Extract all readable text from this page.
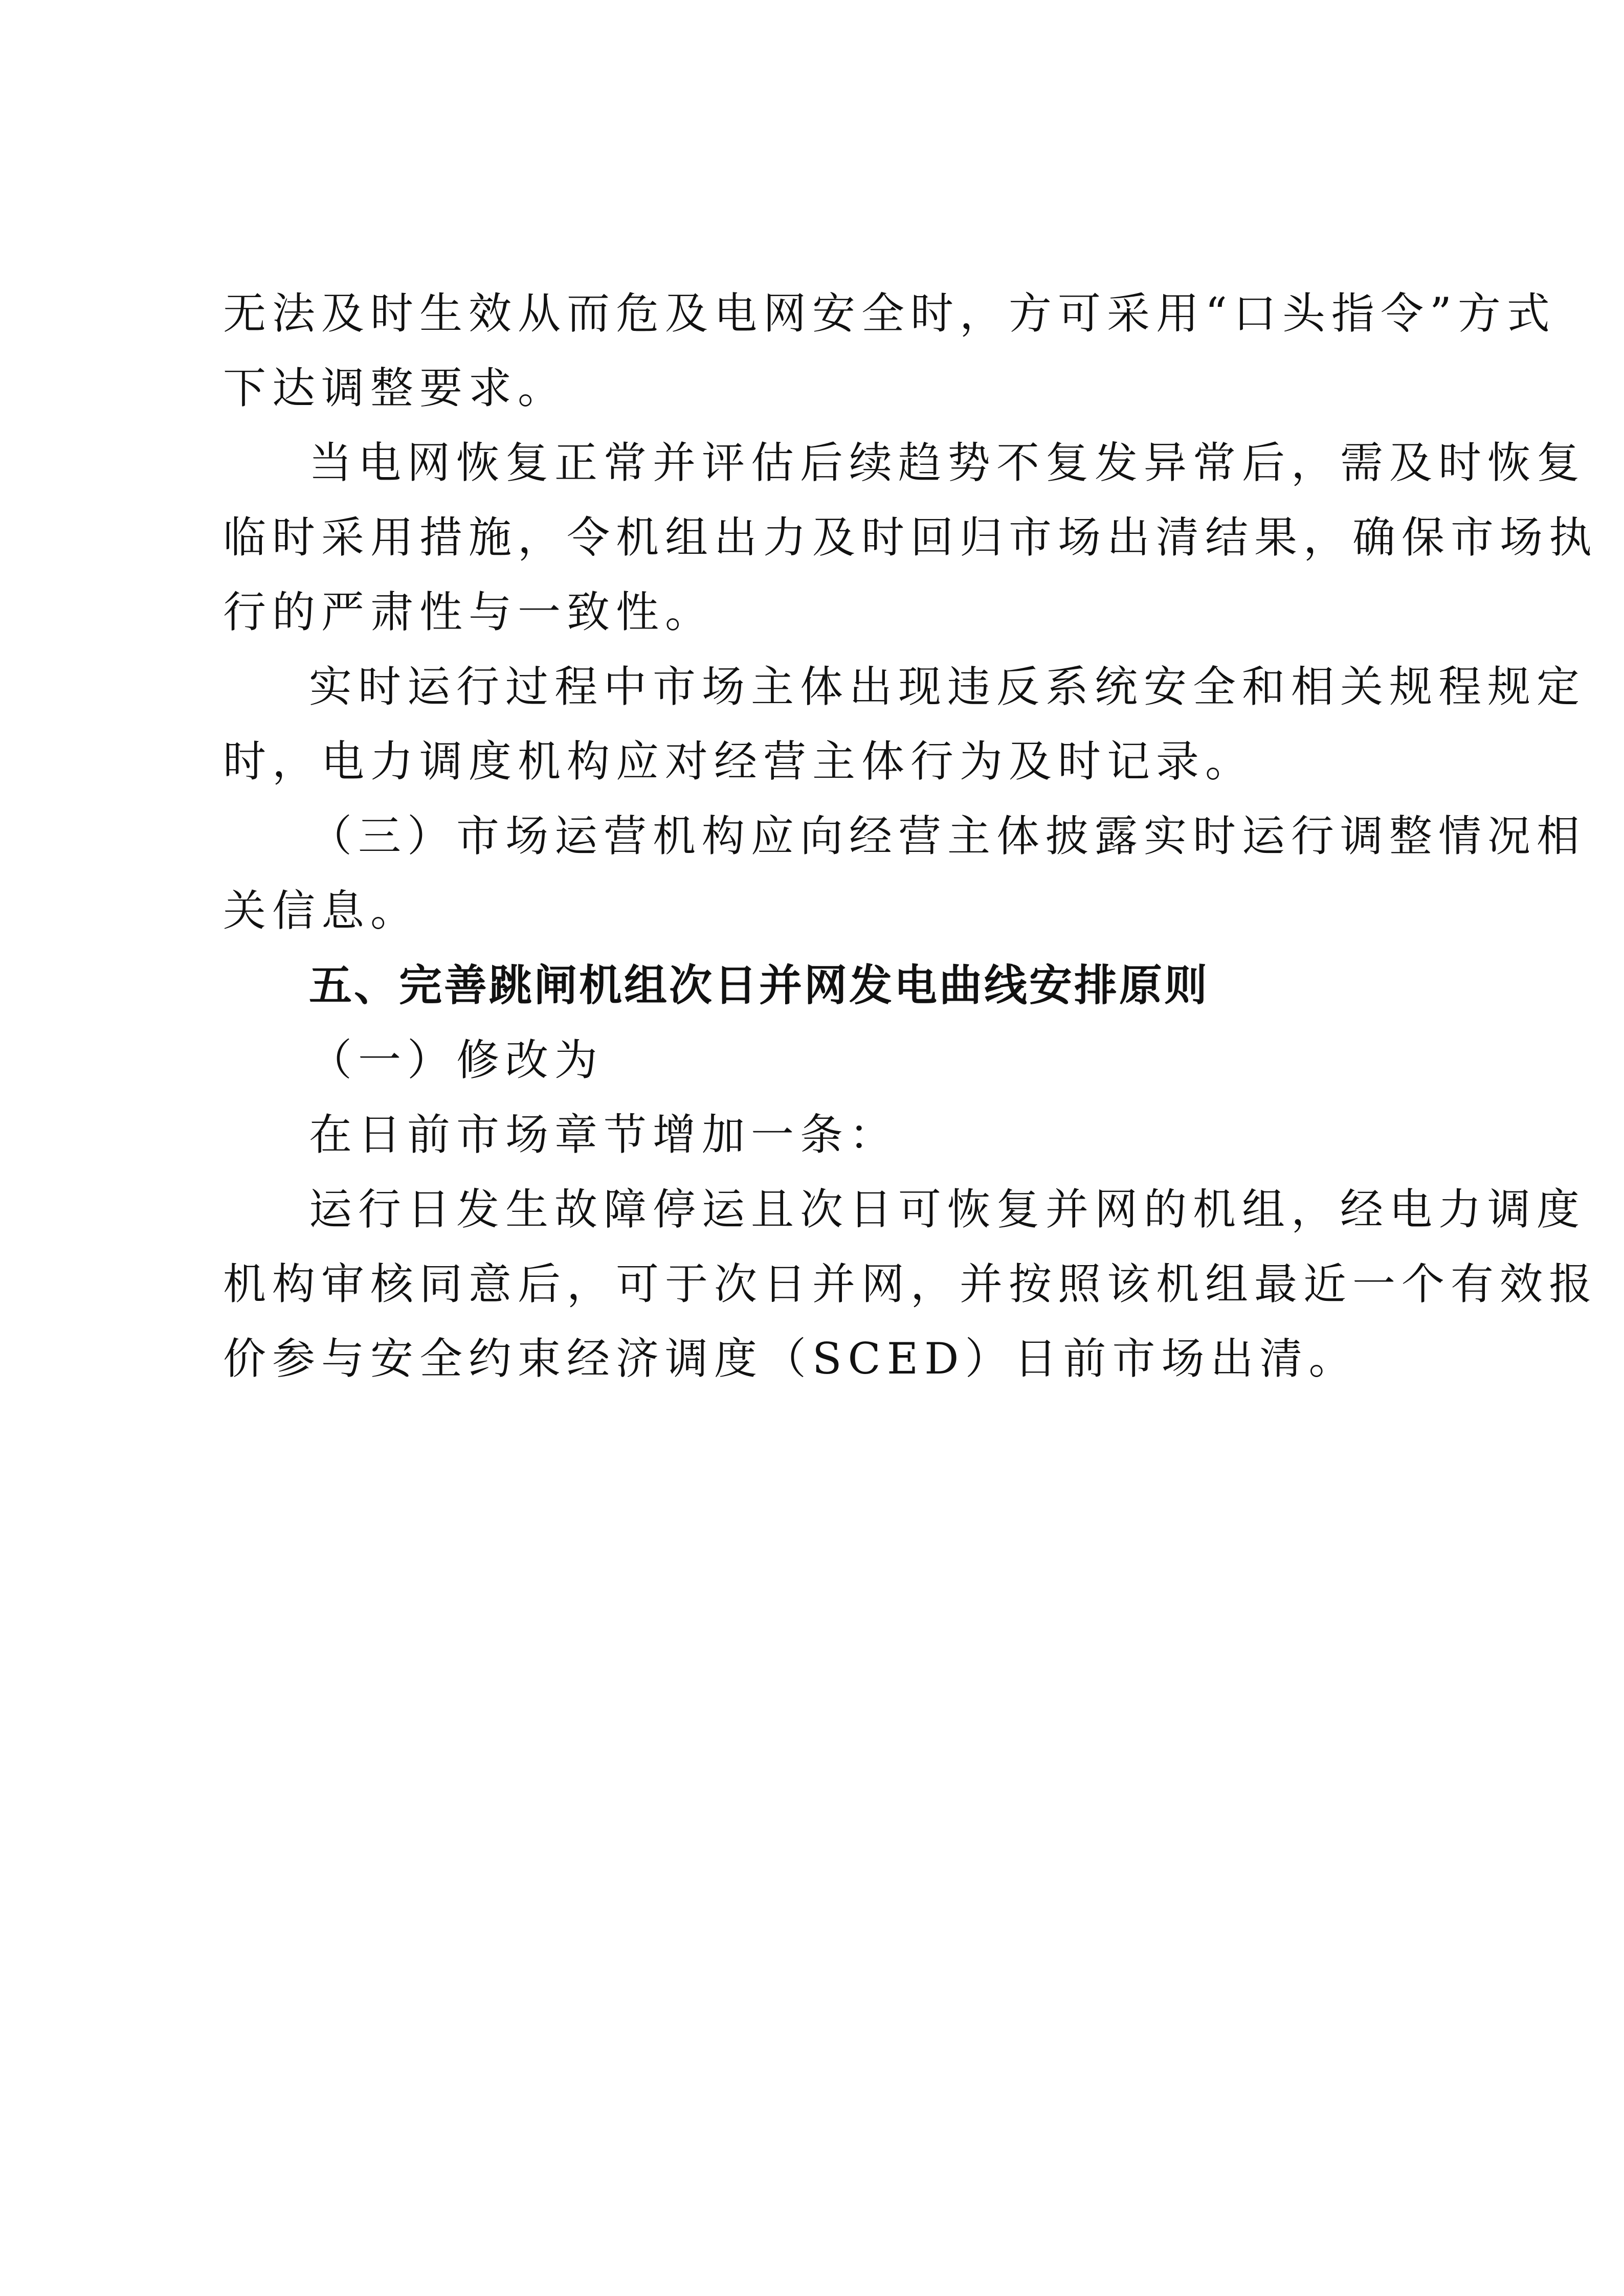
无法及时生效从而危及电网安全时，方可采用“口头指令”方式
下达调整要求。
当电网恢复正常并评估后续趋势不复发异常后，需及时恢复
临时采用措施，令机组出力及时回归市场出清结果，确保市场执
行的严肃性与一致性。
实时运行过程中市场主体出现违反系统安全和相关规程规定
时，电力调度机构应对经营主体行为及时记录。
（三）市场运营机构应向经营主体披露实时运行调整情况相
关信息。
五、完善跳闸机组次日并网发电曲线安排原则
（一）修改为
在日前市场章节增加一条：
运行日发生故障停运且次日可恢复并网的机组，经电力调度
机构审核同意后，可于次日并网，并按照该机组最近一个有效报
价参与安全约束经济调度（SCED）日前市场出清。
